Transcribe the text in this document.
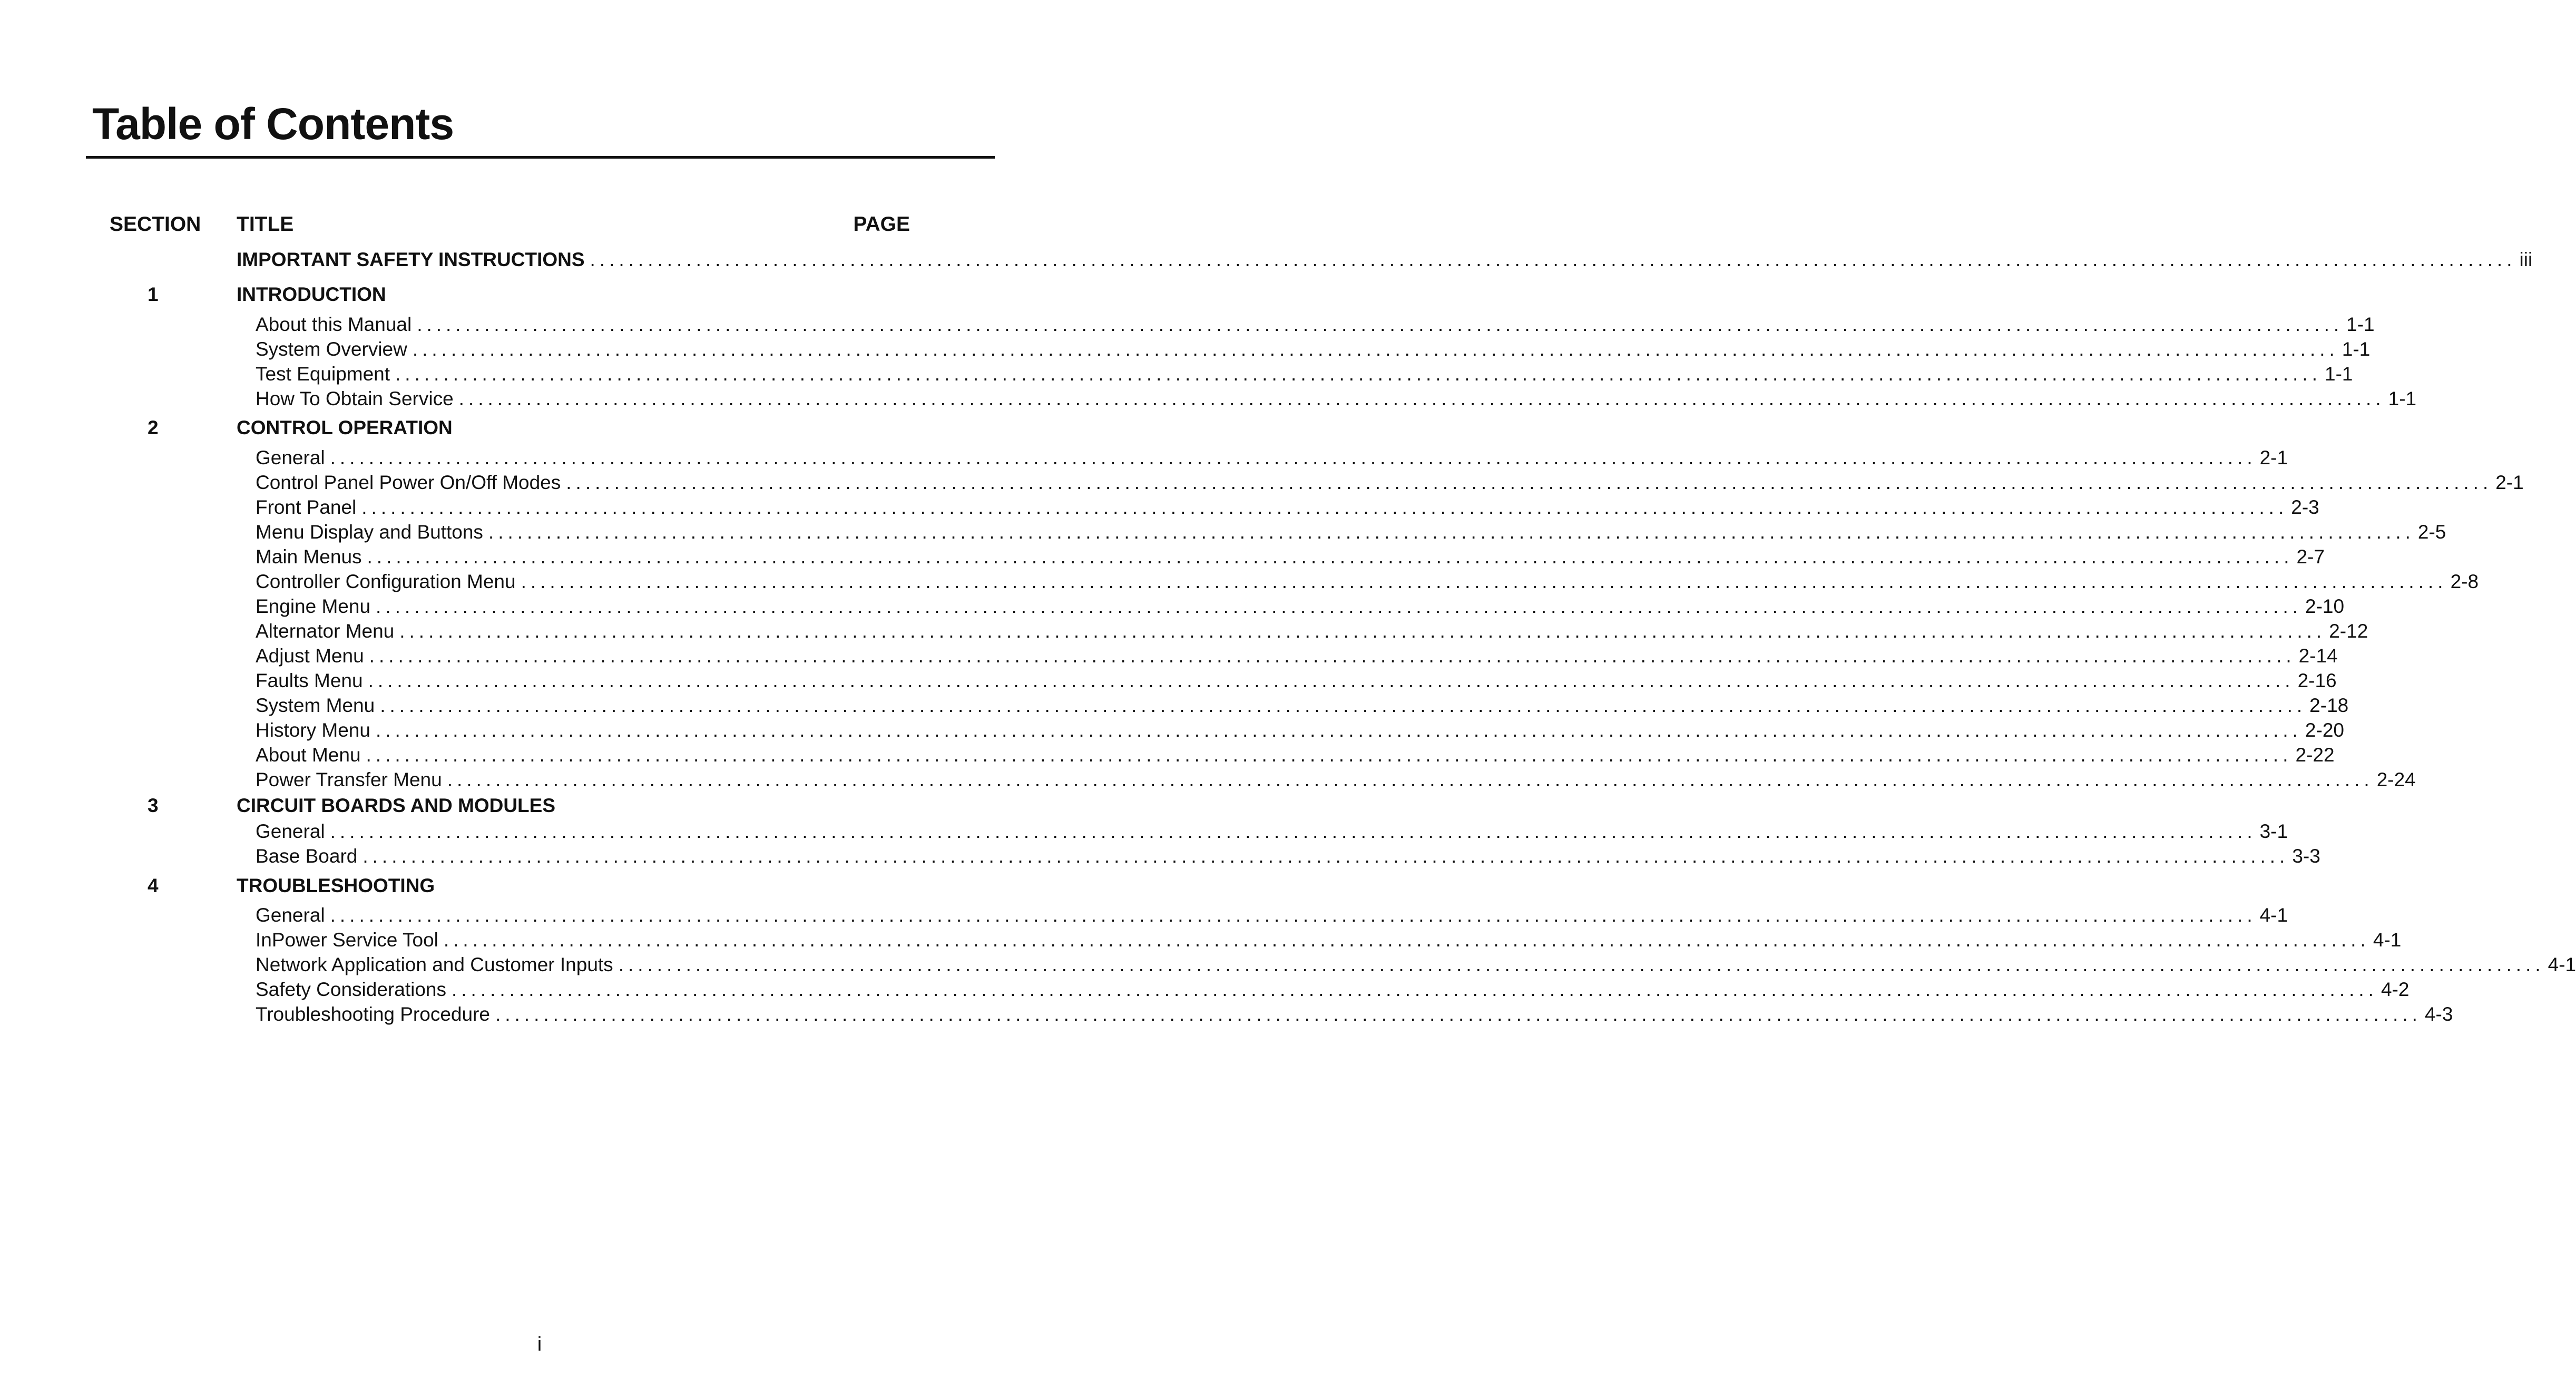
Table of Contents
SECTION TITLE	PAGE
IMPORTANT SAFETY INSTRUCTIONS ........................................................................................................................................................................................................ iii
1	INTRODUCTION
About this Manual ........................................................................................................................................................................................................ 1-1
System Overview ........................................................................................................................................................................................................ 1-1
Test Equipment ........................................................................................................................................................................................................ 1-1
How To Obtain Service ........................................................................................................................................................................................................ 1-1
2	CONTROL OPERATION
General ........................................................................................................................................................................................................ 2-1
Control Panel Power On/Off Modes ........................................................................................................................................................................................................ 2-1
Front Panel ........................................................................................................................................................................................................ 2-3
Menu Display and Buttons ........................................................................................................................................................................................................ 2-5
Main Menus ........................................................................................................................................................................................................ 2-7
Controller Configuration Menu ........................................................................................................................................................................................................ 2-8
Engine Menu ........................................................................................................................................................................................................ 2-10
Alternator Menu ........................................................................................................................................................................................................ 2-12
Adjust Menu ........................................................................................................................................................................................................ 2-14
Faults Menu ........................................................................................................................................................................................................ 2-16
System Menu ........................................................................................................................................................................................................ 2-18
History Menu ........................................................................................................................................................................................................ 2-20
About Menu ........................................................................................................................................................................................................ 2-22
Power Transfer Menu ........................................................................................................................................................................................................ 2-24
3	CIRCUIT BOARDS AND MODULES
General ........................................................................................................................................................................................................ 3-1
Base Board ........................................................................................................................................................................................................ 3-3
4	TROUBLESHOOTING
General ........................................................................................................................................................................................................ 4-1
InPower Service Tool ........................................................................................................................................................................................................ 4-1
Network Application and Customer Inputs ........................................................................................................................................................................................................ 4-1
Safety Considerations ........................................................................................................................................................................................................ 4-2
Troubleshooting Procedure ........................................................................................................................................................................................................ 4-3
i
